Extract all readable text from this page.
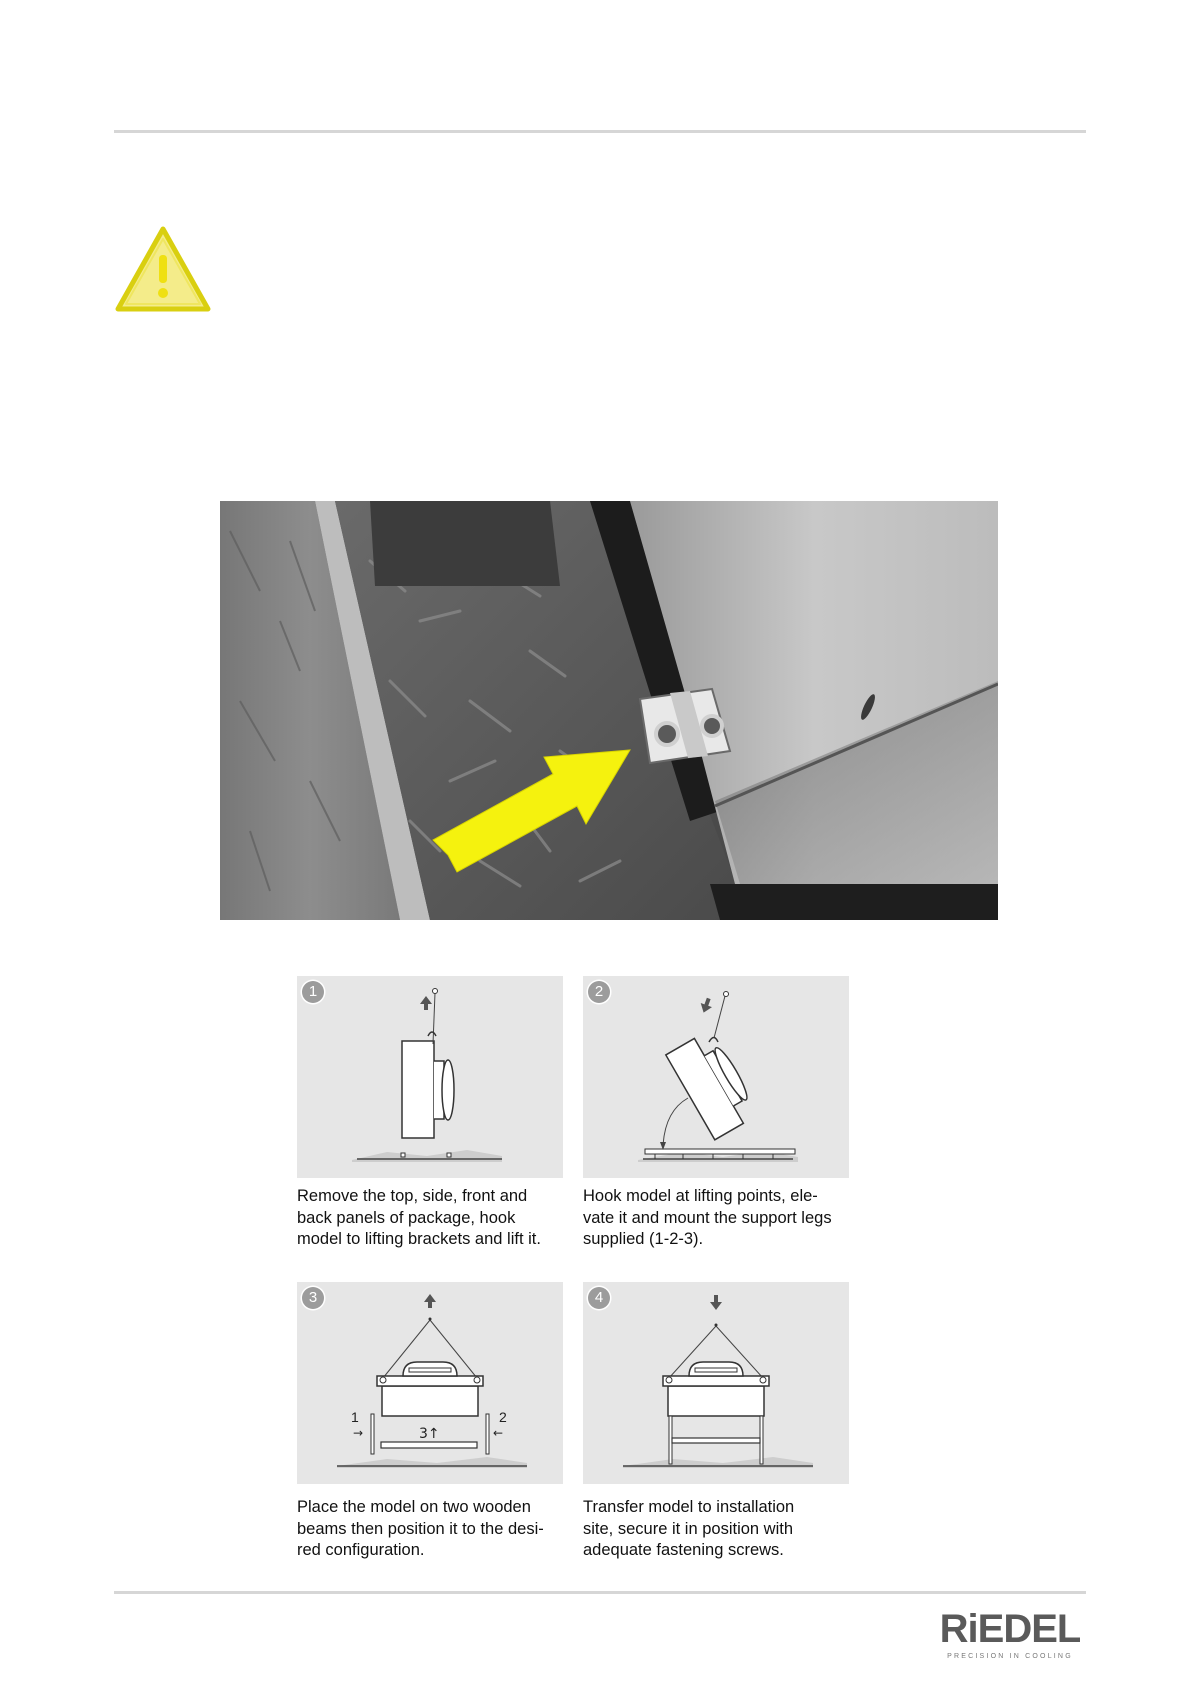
1
Remove the top, side, front and
back panels of package, hook
model to lifting brackets and lift it.
2
Hook model at lifting points, ele-
vate it and mount the support legs
supplied (1-2-3).
1
→
2
←
3↑
3
Place the model on two wooden
beams then position it to the desi-
red configuration.
4
Transfer model to installation
site, secure it in position with
adequate fastening screws.
RiEDEL
PRECISION IN COOLING
